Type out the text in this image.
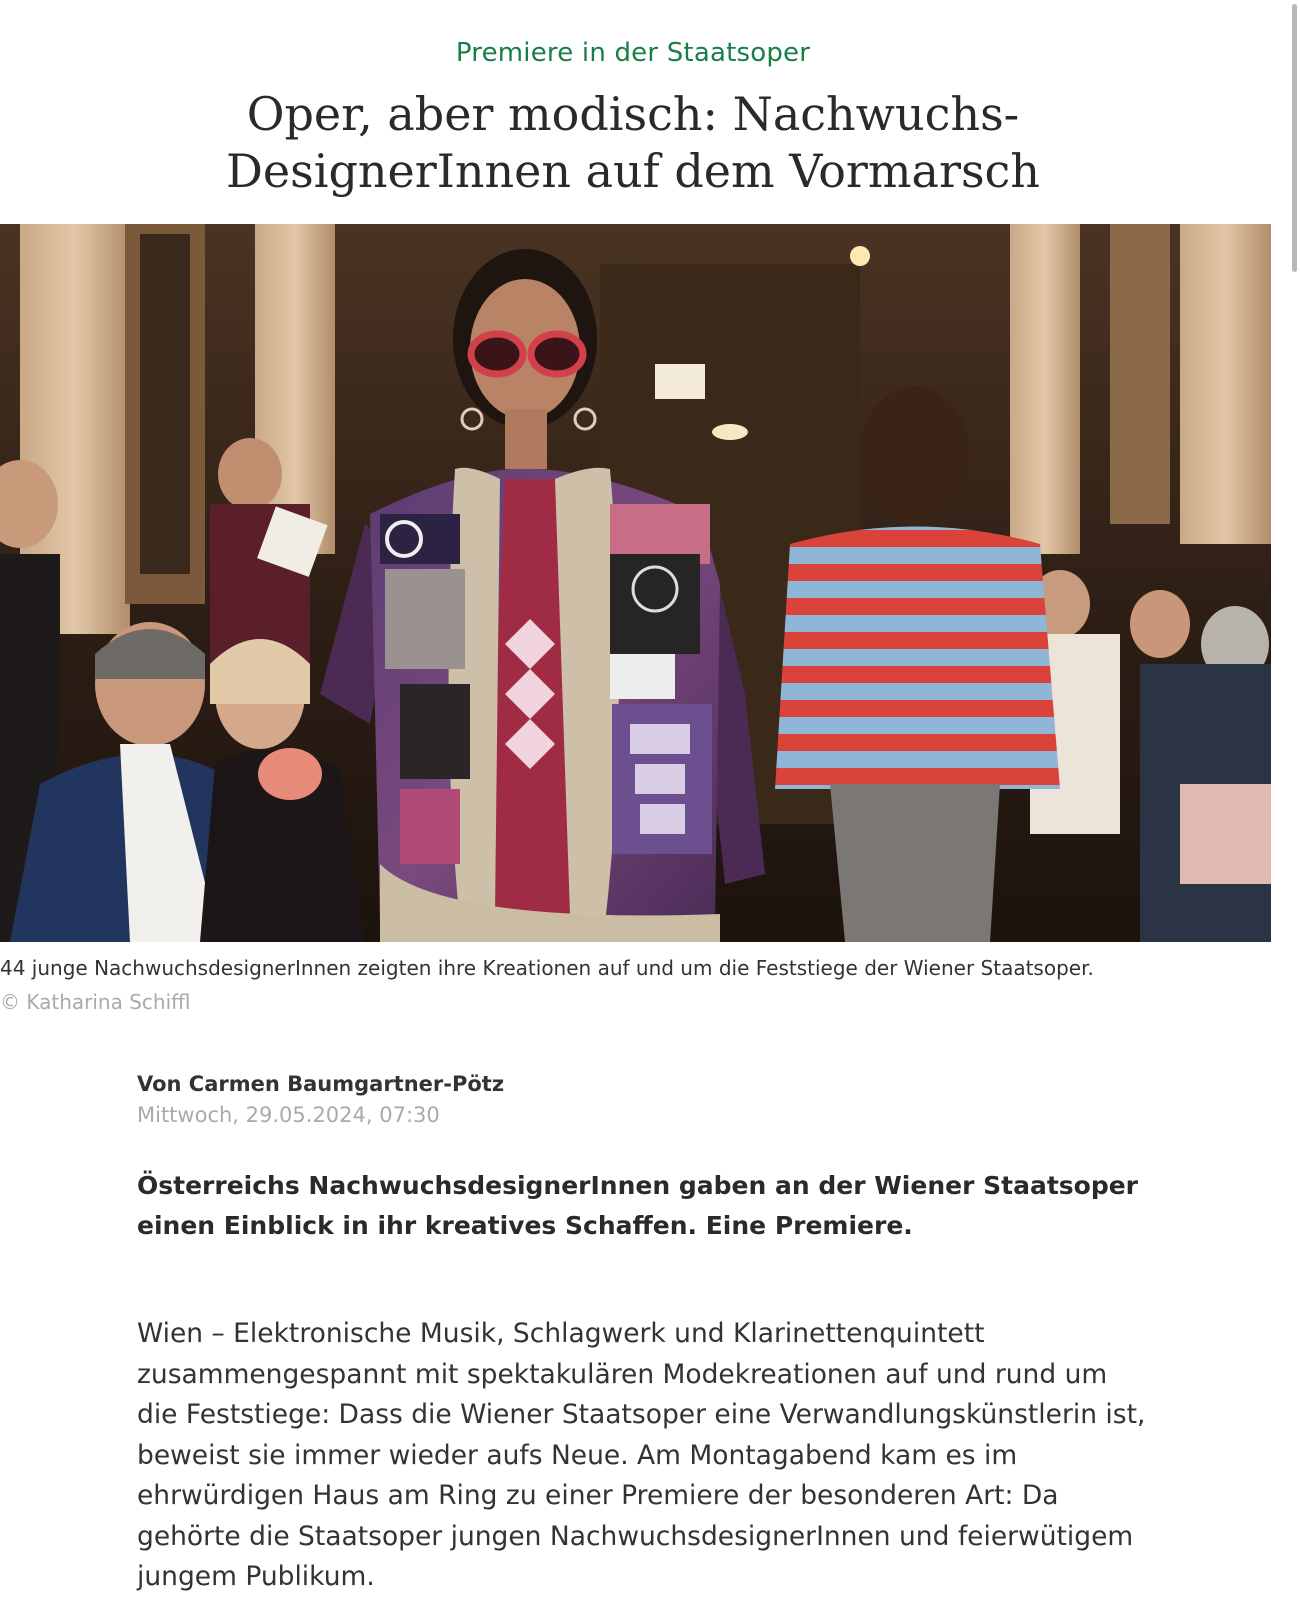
Premiere in der Staatsoper
Oper, aber modisch: Nachwuchs-
DesignerInnen auf dem Vormarsch
44 junge NachwuchsdesignerInnen zeigten ihre Kreationen auf und um die Feststiege der Wiener Staatsoper.
© Katharina Schiffl
Von Carmen Baumgartner-Pötz
Mittwoch, 29.05.2024, 07:30

Österreichs NachwuchsdesignerInnen gaben an der Wiener Staatsoper einen Einblick in ihr kreatives Schaffen. Eine Premiere.

Wien – Elektronische Musik, Schlagwerk und Klarinettenquintett zusammengespannt mit spektakulären Modekreationen auf und rund um die Feststiege: Dass die Wiener Staatsoper eine Verwandlungskünstlerin ist, beweist sie immer wieder aufs Neue. Am Montagabend kam es im ehrwürdigen Haus am Ring zu einer Premiere der besonderen Art: Da gehörte die Staatsoper jungen NachwuchsdesignerInnen und feierwütigem jungem Publikum.
